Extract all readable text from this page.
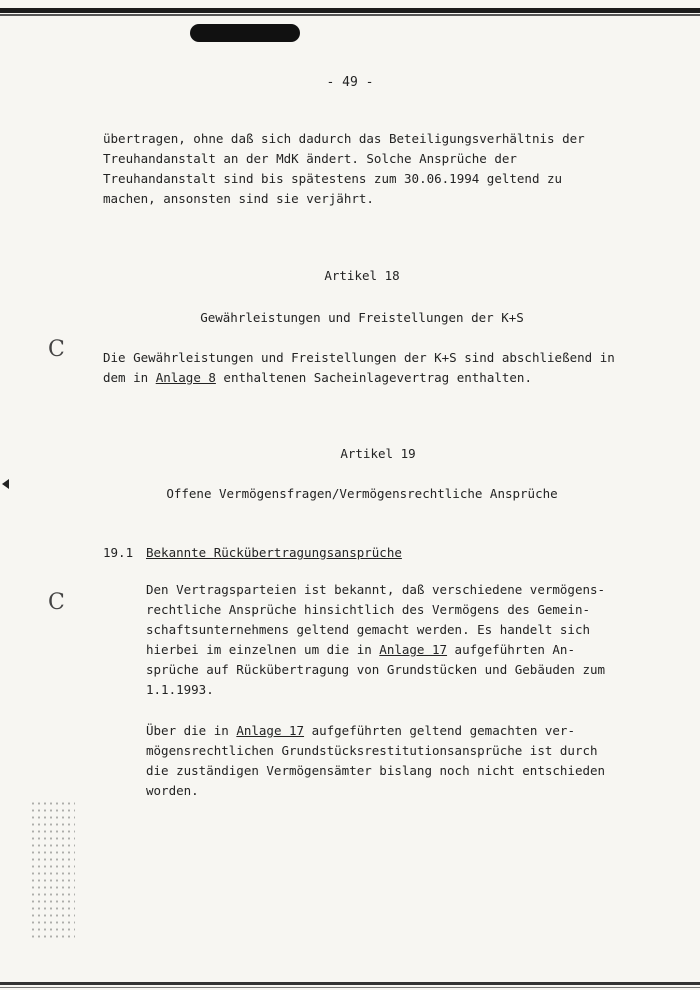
- 49 -
übertragen, ohne daß sich dadurch das Beteiligungsverhältnis der
Treuhandanstalt an der MdK ändert. Solche Ansprüche der
Treuhandanstalt sind bis spätestens zum 30.06.1994 geltend zu
machen, ansonsten sind sie verjährt.
Artikel 18
Gewährleistungen und Freistellungen der K+S
C	Die Gewährleistungen und Freistellungen der K+S sind abschließend in
dem in Anlage 8 enthaltenen Sacheinlagevertrag enthalten.
Artikel 19
Offene Vermögensfragen/Vermögensrechtliche Ansprüche
19.1 Bekannte Rückübertragungsansprüche
C
Den Vertragsparteien ist bekannt, daß verschiedene vermögens-
rechtliche Ansprüche hinsichtlich des Vermögens des Gemein-
schaftsunternehmens geltend gemacht werden. Es handelt sich
hierbei im einzelnen um die in Anlage 17 aufgeführten An-
sprüche auf Rückübertragung von Grundstücken und Gebäuden zum
1.1.1993.
Über die in Anlage 17 aufgeführten geltend gemachten ver-
mögensrechtlichen Grundstücksrestitutionsansprüche ist durch
die zuständigen Vermögensämter bislang noch nicht entschieden
worden.
